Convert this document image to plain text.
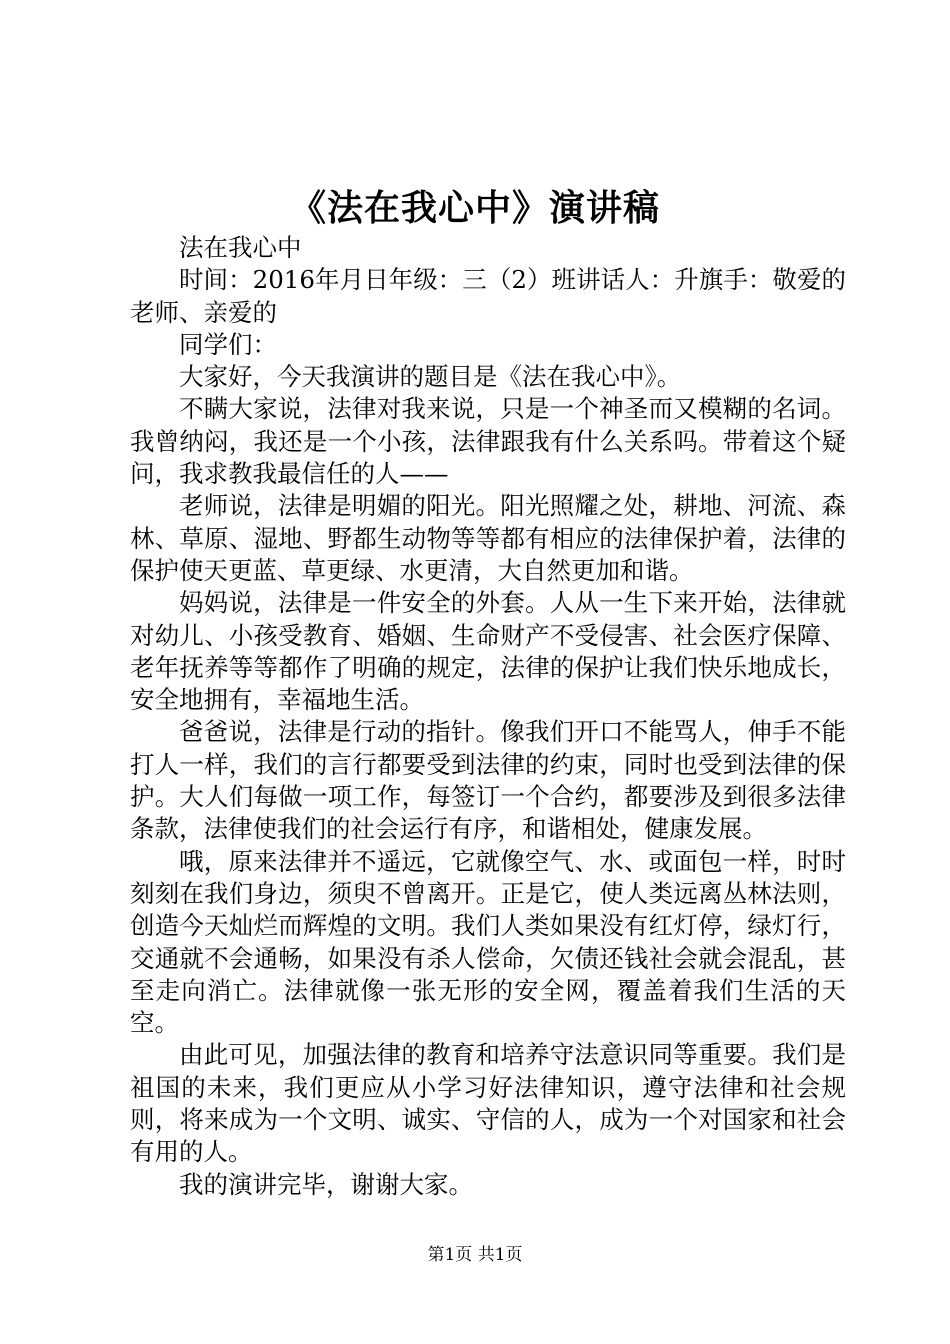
《法在我心中》演讲稿

法在我心中

时间：2016年月日年级：三（2）班讲话人：升旗手：敬爱的老师、亲爱的

同学们：

大家好，今天我演讲的题目是《法在我心中》。

不瞒大家说，法律对我来说，只是一个神圣而又模糊的名词。我曾纳闷，我还是一个小孩，法律跟我有什么关系吗。带着这个疑问，我求教我最信任的人——

老师说，法律是明媚的阳光。阳光照耀之处，耕地、河流、森林、草原、湿地、野都生动物等等都有相应的法律保护着，法律的保护使天更蓝、草更绿、水更清，大自然更加和谐。

妈妈说，法律是一件安全的外套。人从一生下来开始，法律就对幼儿、小孩受教育、婚姻、生命财产不受侵害、社会医疗保障、老年抚养等等都作了明确的规定，法律的保护让我们快乐地成长，安全地拥有，幸福地生活。

爸爸说，法律是行动的指针。像我们开口不能骂人，伸手不能打人一样，我们的言行都要受到法律的约束，同时也受到法律的保护。大人们每做一项工作，每签订一个合约，都要涉及到很多法律条款，法律使我们的社会运行有序，和谐相处，健康发展。

哦，原来法律并不遥远，它就像空气、水、或面包一样，时时刻刻在我们身边，须臾不曾离开。正是它，使人类远离丛林法则，创造今天灿烂而辉煌的文明。我们人类如果没有红灯停，绿灯行，交通就不会通畅，如果没有杀人偿命，欠债还钱社会就会混乱，甚至走向消亡。法律就像一张无形的安全网，覆盖着我们生活的天空。

由此可见，加强法律的教育和培养守法意识同等重要。我们是祖国的未来，我们更应从小学习好法律知识，遵守法律和社会规则，将来成为一个文明、诚实、守信的人，成为一个对国家和社会有用的人。

我的演讲完毕，谢谢大家。

第1页 共1页
